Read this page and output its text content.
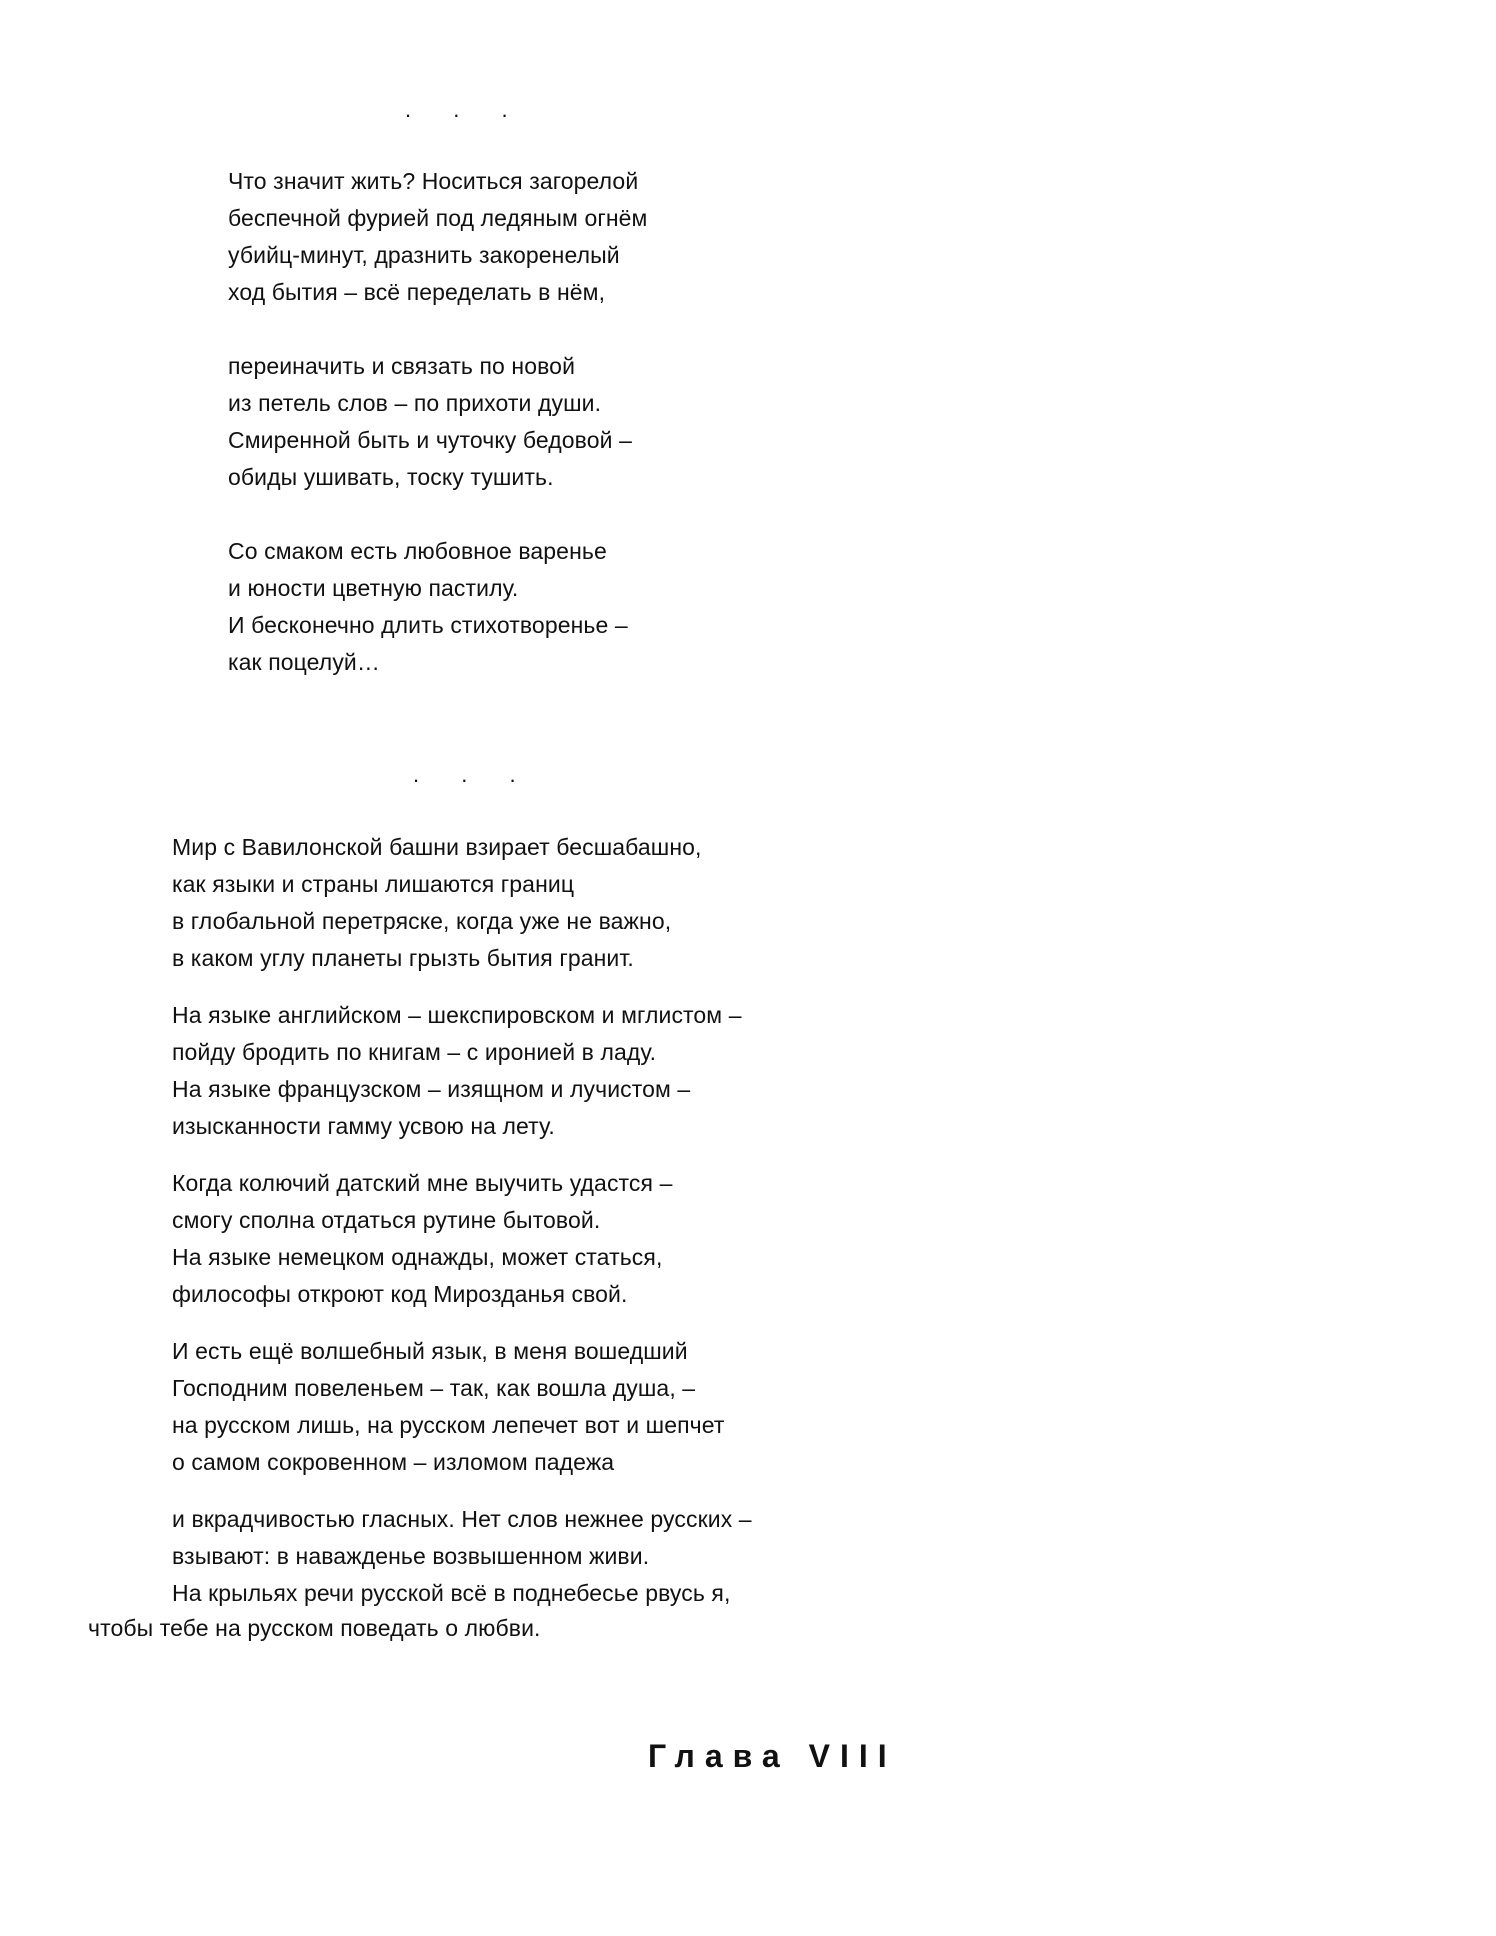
. . .
Что значит жить? Носиться загорелой
беспечной фурией под ледяным огнём
убийц-минут, дразнить закоренелый
ход бытия – всё переделать в нём,
переиначить и связать по новой
из петель слов – по прихоти души.
Смиренной быть и чуточку бедовой –
обиды ушивать, тоску тушить.
Со смаком есть любовное варенье
и юности цветную пастилу.
И бесконечно длить стихотворенье –
как поцелуй…
. . .
Мир с Вавилонской башни взирает бесшабашно,
как языки и страны лишаются границ
в глобальной перетряске, когда уже не важно,
в каком углу планеты грызть бытия гранит.
На языке английском – шекспировском и мглистом –
пойду бродить по книгам – с иронией в ладу.
На языке французском – изящном и лучистом –
изысканности гамму усвою на лету.
Когда колючий датский мне выучить удастся –
смогу сполна отдаться рутине бытовой.
На языке немецком однажды, может статься,
философы откроют код Мирозданья свой.
И есть ещё волшебный язык, в меня вошедший
Господним повеленьем – так, как вошла душа, –
на русском лишь, на русском лепечет вот и шепчет
о самом сокровенном – изломом падежа
и вкрадчивостью гласных. Нет слов нежнее русских –
взывают: в наважденье возвышенном живи.
На крыльях речи русской всё в поднебесье рвусь я,
чтобы тебе на русском поведать о любви.
Глава VIII
